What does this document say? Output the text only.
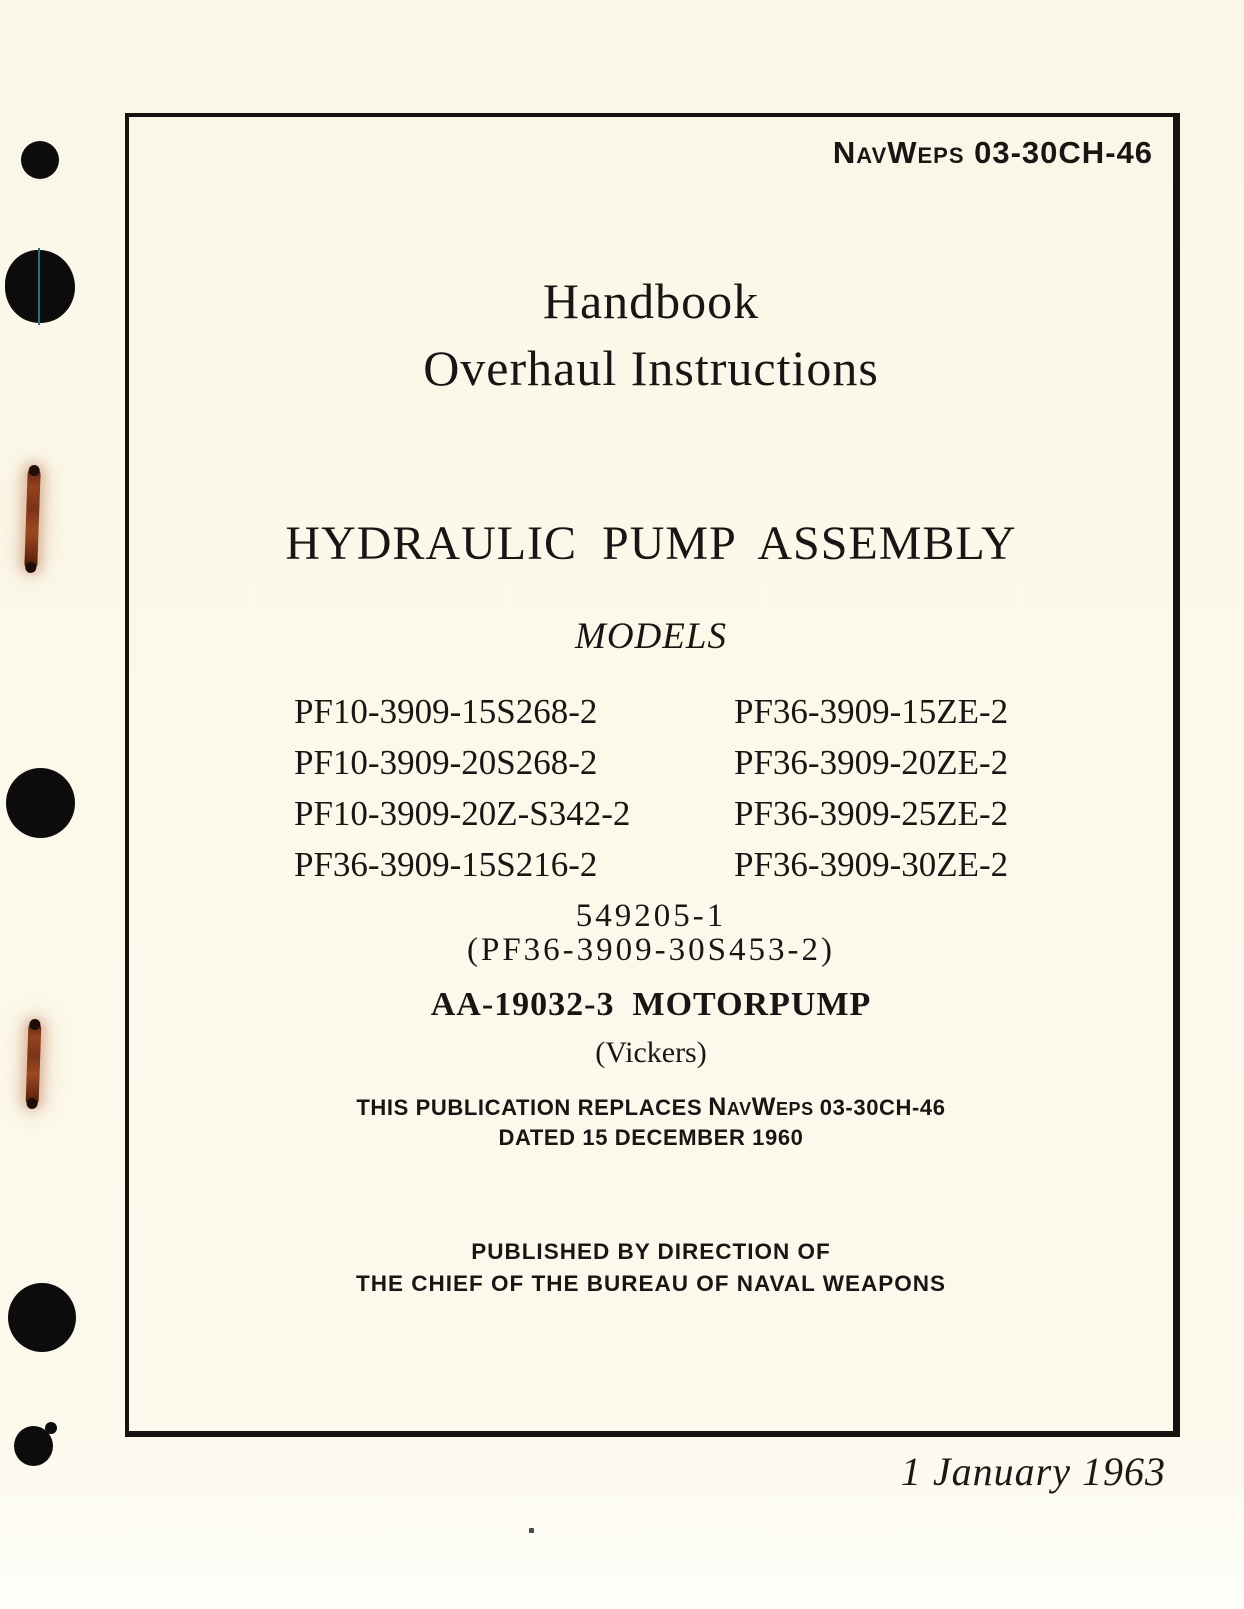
NavWeps 03-30CH-46
Handbook
Overhaul Instructions
HYDRAULIC PUMP ASSEMBLY
MODELS
PF10-3909-15S268-2
PF10-3909-20S268-2
PF10-3909-20Z-S342-2
PF36-3909-15S216-2
PF36-3909-15ZE-2
PF36-3909-20ZE-2
PF36-3909-25ZE-2
PF36-3909-30ZE-2
549205-1
(PF36-3909-30S453-2)
AA-19032-3 MOTORPUMP
(Vickers)
THIS PUBLICATION REPLACES NavWeps 03-30CH-46
DATED 15 DECEMBER 1960
PUBLISHED BY DIRECTION OF
THE CHIEF OF THE BUREAU OF NAVAL WEAPONS
1 January 1963
